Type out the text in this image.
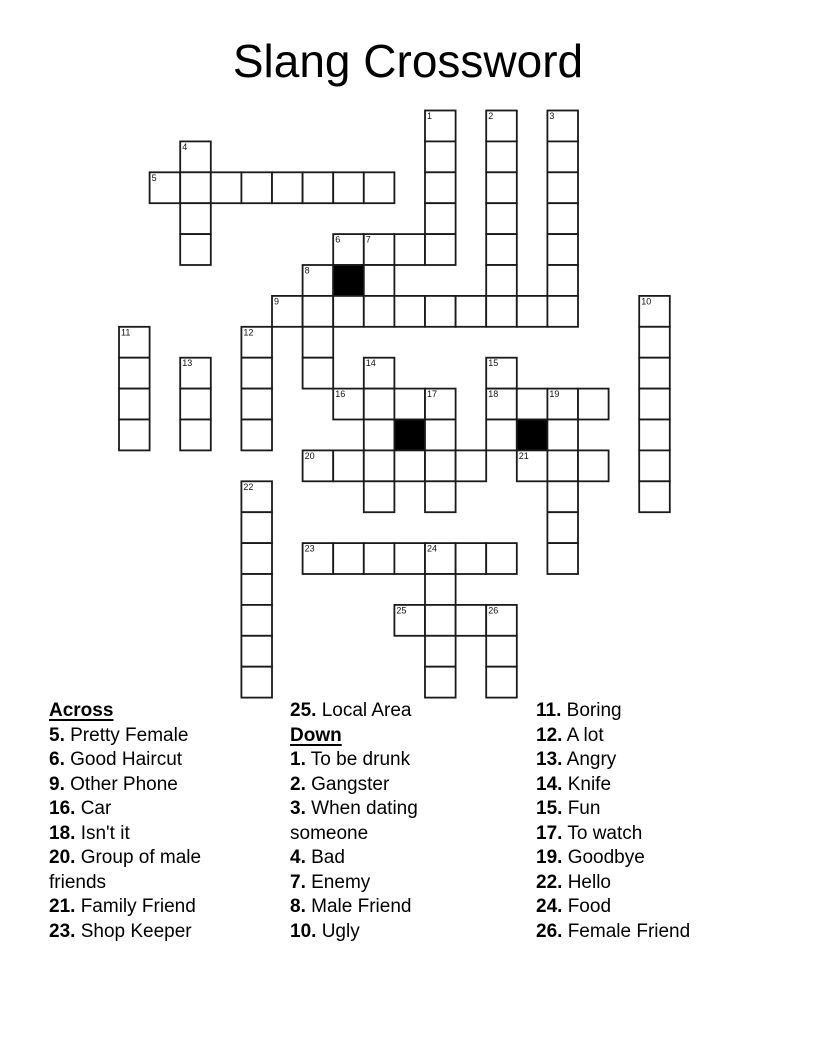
Slang Crossword
1	2	3
4
5
6	7
8
9	10
11	12
13	14	15
16	17	18	19
20	21
22
23	24
25	26
Across
5. Pretty Female
6. Good Haircut
9. Other Phone
16. Car
18. Isn't it
20. Group of male friends
21. Family Friend
23. Shop Keeper
25. Local Area
Down
1. To be drunk
2. Gangster
3. When dating someone
4. Bad
7. Enemy
8. Male Friend
10. Ugly
11. Boring
12. A lot
13. Angry
14. Knife
15. Fun
17. To watch
19. Goodbye
22. Hello
24. Food
26. Female Friend
